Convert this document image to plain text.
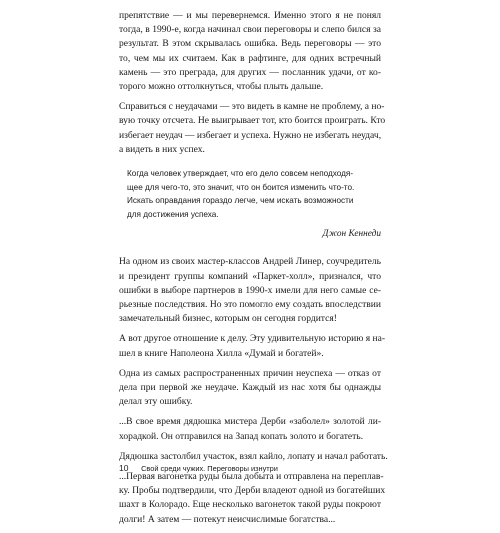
препятствие — и мы перевернемся. Именно этого я не понял
тогда, в 1990-е, когда начинал свои переговоры и слепо бился за
результат. В этом скрывалась ошибка. Ведь переговоры — это
то, чем мы их считаем. Как в рафтинге, для одних встречный
камень — это преграда, для других — посланник удачи, от ко-
торого можно оттолкнуться, чтобы плыть дальше.
Справиться с неудачами — это видеть в камне не проблему, а но-
вую точку отсчета. Не выигрывает тот, кто боится проиграть. Кто
избегает неудач — избегает и успеха. Нужно не избегать неудач,
а видеть в них успех.
Когда человек утверждает, что его дело совсем неподходя-
щее для чего-то, это значит, что он боится изменить что-то.
Искать оправдания гораздо легче, чем искать возможности
для достижения успеха.
Джон Кеннеди
На одном из своих мастер-классов Андрей Линер, соучредитель
и президент группы компаний «Паркет-холл», признался, что
ошибки в выборе партнеров в 1990-х имели для него самые се-
рьезные последствия. Но это помогло ему создать впоследствии
замечательный бизнес, которым он сегодня гордится!
А вот другое отношение к делу. Эту удивительную историю я на-
шел в книге Наполеона Хилла «Думай и богатей».
Одна из самых распространенных причин неуспеха — отказ от
дела при первой же неудаче. Каждый из нас хотя бы однажды
делал эту ошибку.
...В свое время дядюшка мистера Дерби «заболел» золотой ли-
хорадкой. Он отправился на Запад копать золото и богатеть.
Дядюшка застолбил участок, взял кайло, лопату и начал работать.
...Первая вагонетка руды была добыта и отправлена на переплав-
ку. Пробы подтвердили, что Дерби владеют одной из богатейших
шахт в Колорадо. Еще несколько вагонеток такой руды покроют
долги! А затем — потекут неисчислимые богатства...
10 Свой среди чужих. Переговоры изнутри
